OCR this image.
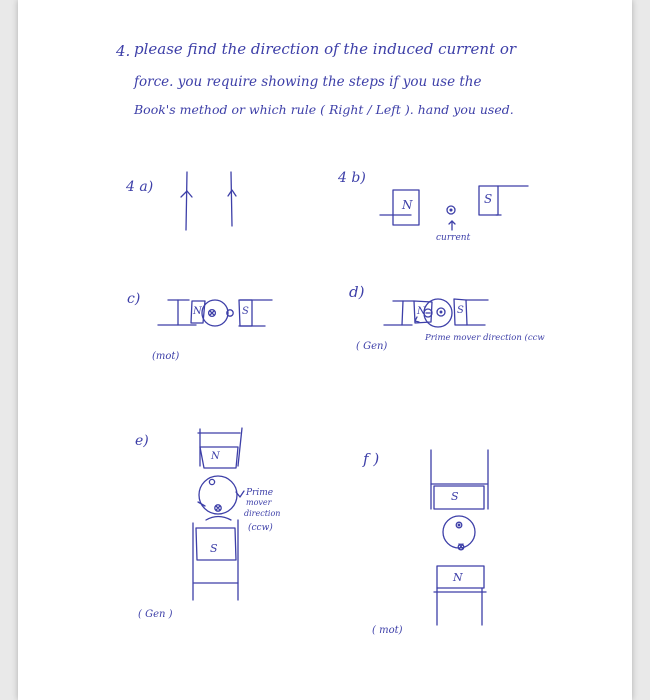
4. please find the direction of the induced current or
force. you require showing the steps if you use the
Book's method or which rule ( Right / Left ). hand you used.
4 a)
4 b)
c)	d)
e)
f )
N	S
current
N	S
(mot)
N	S
( Gen)
Prime mover direction (ccw
N
S
Prime
mover
direction
(ccw)
( Gen )
S
N
( mot)
